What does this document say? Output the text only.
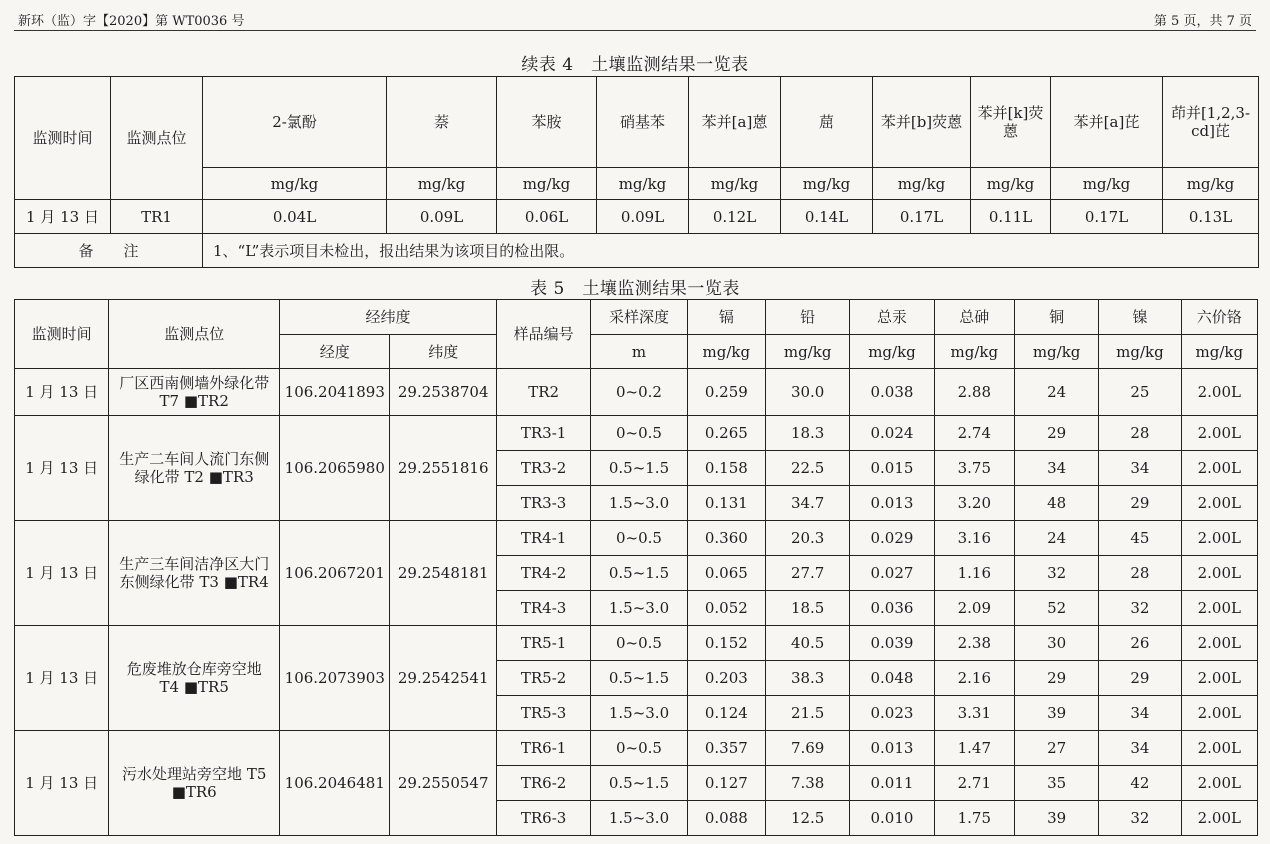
新环（监）字【2020】第 WT0036 号	第 5 页，共 7 页
续表 4　土壤监测结果一览表
监测时间	监测点位	2-氯酚	萘	苯胺	硝基苯	苯并[a]蒽	䓛	苯并[b]荧蒽	苯并[k]荧蒽	苯并[a]芘	茚并[1,2,3-cd]芘	
		mg/kg	mg/kg	mg/kg	mg/kg	mg/kg	mg/kg	mg/kg	mg/kg	mg/kg	mg/kg	
1 月 13 日	TR1	0.04L	0.09L	0.06L	0.09L	0.12L	0.14L	0.17L	0.11L	0.17L	0.13L	
备　　注		1、“L”表示项目未检出，报出结果为该项目的检出限。										
表 5　土壤监测结果一览表
监测时间	监测点位	经纬度		样品编号	采样深度	镉	铅	总汞	总砷	铜	镍	六价铬
		经度	纬度		m	mg/kg	mg/kg	mg/kg	mg/kg	mg/kg	mg/kg	mg/kg
1 月 13 日	厂区西南侧墙外绿化带 T7 ■TR2	106.2041893	29.2538704	TR2	0~0.2	0.259	30.0	0.038	2.88	24	25	2.00L
1 月 13 日	生产二车间人流门东侧绿化带 T2 ■TR3	106.2065980	29.2551816	TR3-1	0~0.5	0.265	18.3	0.024	2.74	29	28	2.00L
				TR3-2	0.5~1.5	0.158	22.5	0.015	3.75	34	34	2.00L
				TR3-3	1.5~3.0	0.131	34.7	0.013	3.20	48	29	2.00L
1 月 13 日	生产三车间洁净区大门东侧绿化带 T3 ■TR4	106.2067201	29.2548181	TR4-1	0~0.5	0.360	20.3	0.029	3.16	24	45	2.00L
				TR4-2	0.5~1.5	0.065	27.7	0.027	1.16	32	28	2.00L
				TR4-3	1.5~3.0	0.052	18.5	0.036	2.09	52	32	2.00L
1 月 13 日	危废堆放仓库旁空地 T4 ■TR5	106.2073903	29.2542541	TR5-1	0~0.5	0.152	40.5	0.039	2.38	30	26	2.00L
				TR5-2	0.5~1.5	0.203	38.3	0.048	2.16	29	29	2.00L
				TR5-3	1.5~3.0	0.124	21.5	0.023	3.31	39	34	2.00L
1 月 13 日	污水处理站旁空地 T5 ■TR6	106.2046481	29.2550547	TR6-1	0~0.5	0.357	7.69	0.013	1.47	27	34	2.00L
				TR6-2	0.5~1.5	0.127	7.38	0.011	2.71	35	42	2.00L
				TR6-3	1.5~3.0	0.088	12.5	0.010	1.75	39	32	2.00L
